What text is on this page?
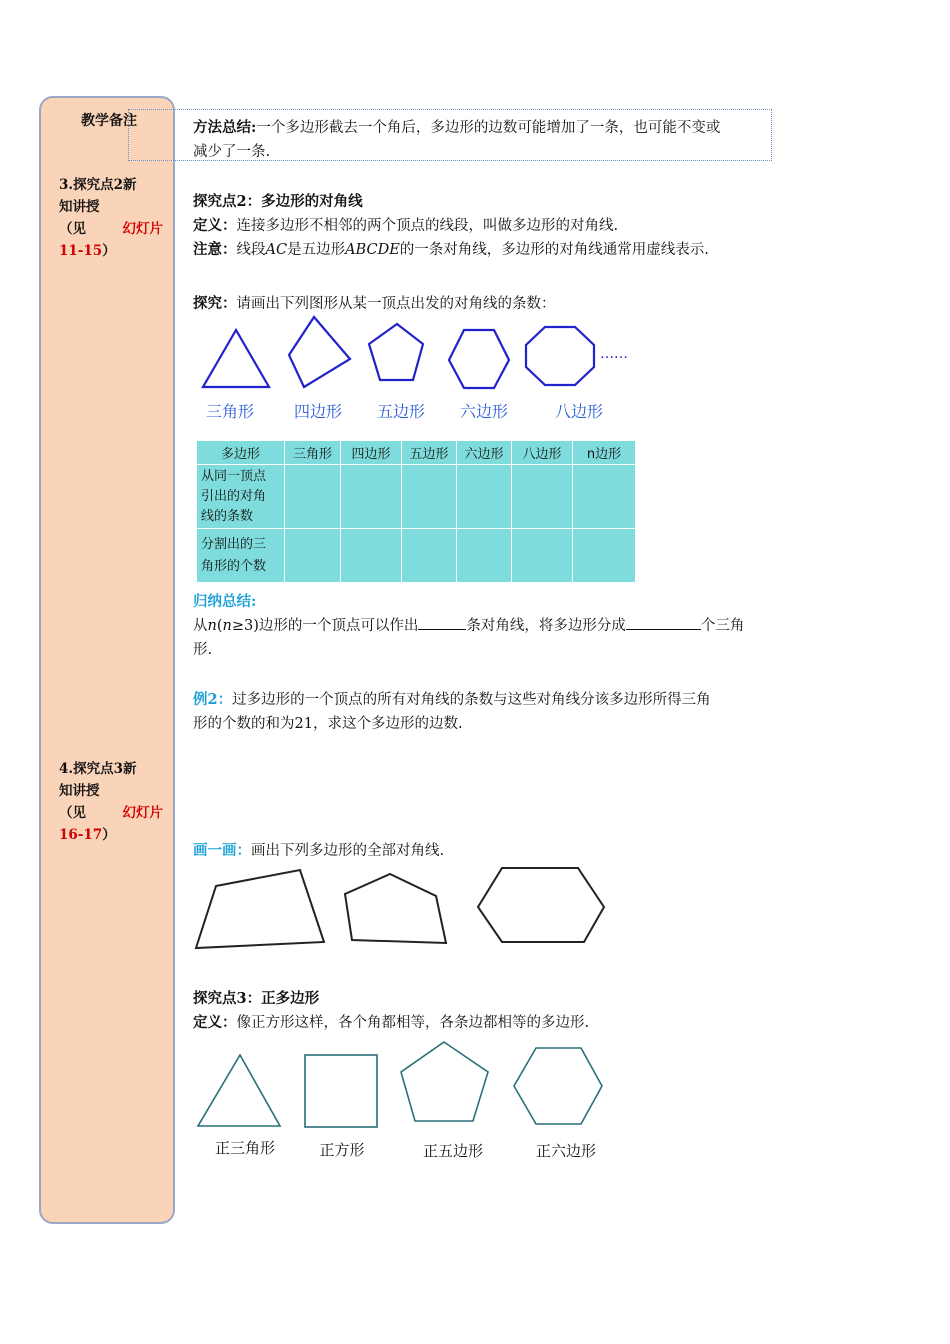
教学备注
3.探究点2新
知讲授
（见	幻灯片
11-15）
4.探究点3新
知讲授
（见	幻灯片
16-17）
方法总结:一个多边形截去一个角后，多边形的边数可能增加了一条，也可能不变或
减少了一条.
探究点2：多边形的对角线
定义：连接多边形不相邻的两个顶点的线段，叫做多边形的对角线.
注意：线段AC是五边形ABCDE的一条对角线，多边形的对角线通常用虚线表示.
探究：请画出下列图形从某一顶点出发的对角线的条数：
……
三角形 四边形 五边形 六边形	八边形
多边形	三角形	四边形	五边形	六边形	八边形	n边形
从同一顶点
引出的对角
线的条数						
分割出的三
角形的个数						
归纳总结:
从n(n≥3)边形的一个顶点可以作出	条对角线，将多边形分成	个三角
形.
例2：过多边形的一个顶点的所有对角线的条数与这些对角线分该多边形所得三角
形的个数的和为21，求这个多边形的边数.
画一画：画出下列多边形的全部对角线.
探究点3：正多边形
定义：像正方形这样，各个角都相等，各条边都相等的多边形.
正三角形	正方形	正五边形	正六边形
